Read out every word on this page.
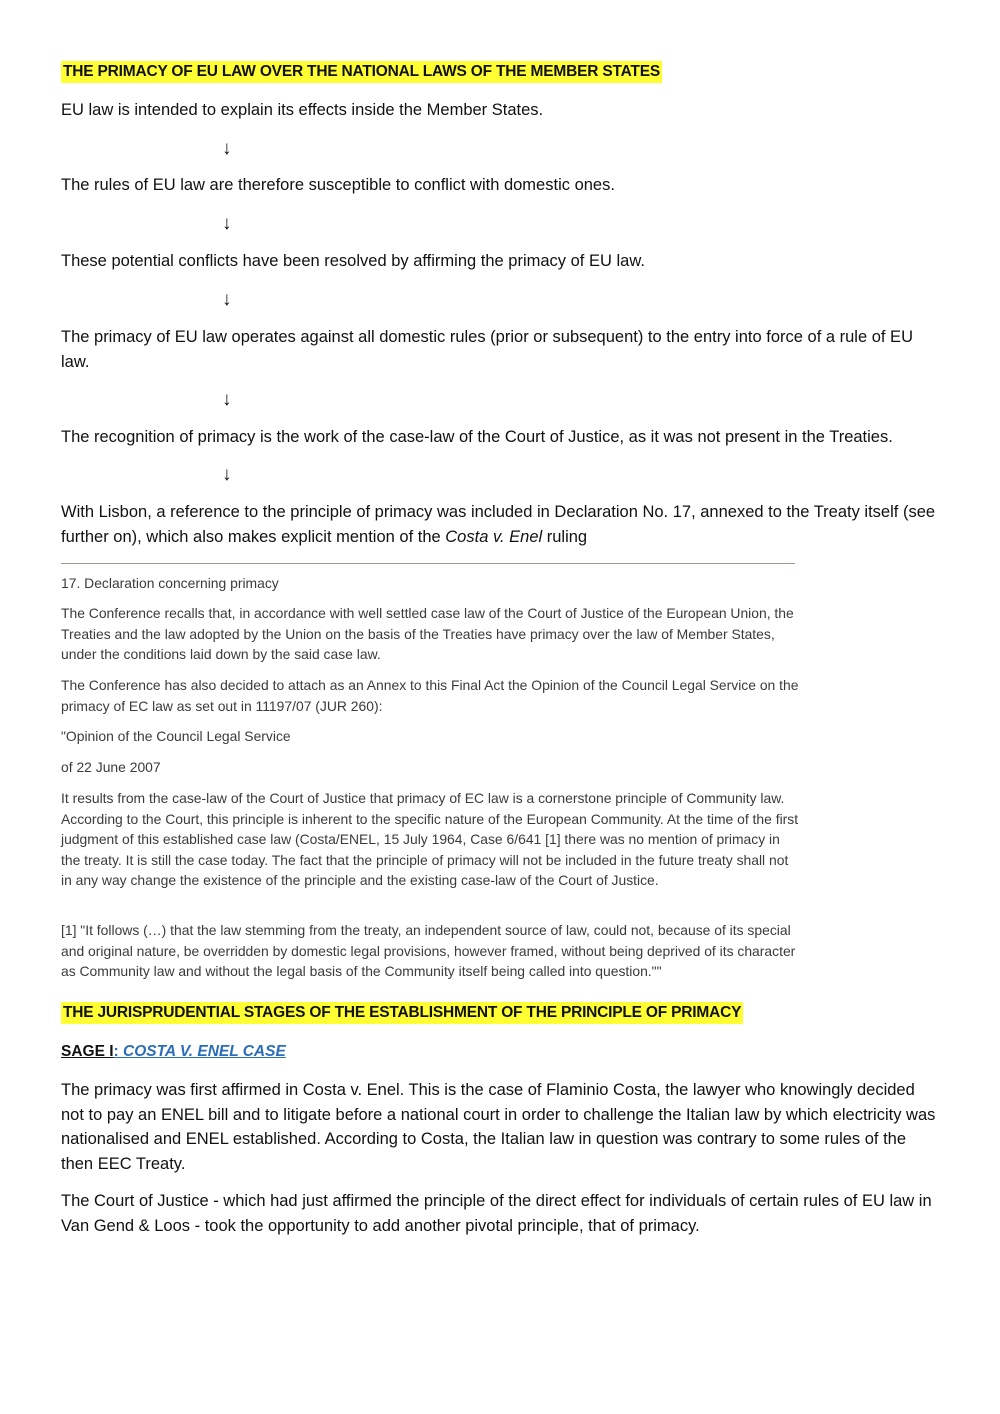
THE PRIMACY OF EU LAW OVER THE NATIONAL LAWS OF THE MEMBER STATES

EU law is intended to explain its effects inside the Member States.

↓

The rules of EU law are therefore susceptible to conflict with domestic ones.

↓

These potential conflicts have been resolved by affirming the primacy of EU law.

↓

The primacy of EU law operates against all domestic rules (prior or subsequent) to the entry into force of a rule of EU law.

↓

The recognition of primacy is the work of the case-law of the Court of Justice, as it was not present in the Treaties.

↓

With Lisbon, a reference to the principle of primacy was included in Declaration No. 17, annexed to the Treaty itself (see further on), which also makes explicit mention of the Costa v. Enel ruling

17. Declaration concerning primacy

The Conference recalls that, in accordance with well settled case law of the Court of Justice of the European Union, the Treaties and the law adopted by the Union on the basis of the Treaties have primacy over the law of Member States, under the conditions laid down by the said case law.

The Conference has also decided to attach as an Annex to this Final Act the Opinion of the Council Legal Service on the primacy of EC law as set out in 11197/07 (JUR 260):

"Opinion of the Council Legal Service

of 22 June 2007

It results from the case-law of the Court of Justice that primacy of EC law is a cornerstone principle of Community law. According to the Court, this principle is inherent to the specific nature of the European Community. At the time of the first judgment of this established case law (Costa/ENEL, 15 July 1964, Case 6/641 [1] there was no mention of primacy in the treaty. It is still the case today. The fact that the principle of primacy will not be included in the future treaty shall not in any way change the existence of the principle and the existing case-law of the Court of Justice.

[1] "It follows (…) that the law stemming from the treaty, an independent source of law, could not, because of its special and original nature, be overridden by domestic legal provisions, however framed, without being deprived of its character as Community law and without the legal basis of the Community itself being called into question.""

THE JURISPRUDENTIAL STAGES OF THE ESTABLISHMENT OF THE PRINCIPLE OF PRIMACY
SAGE I: COSTA V. ENEL CASE

The primacy was first affirmed in Costa v. Enel. This is the case of Flaminio Costa, the lawyer who knowingly decided not to pay an ENEL bill and to litigate before a national court in order to challenge the Italian law by which electricity was nationalised and ENEL established. According to Costa, the Italian law in question was contrary to some rules of the then EEC Treaty.

The Court of Justice - which had just affirmed the principle of the direct effect for individuals of certain rules of EU law in Van Gend & Loos - took the opportunity to add another pivotal principle, that of primacy.
